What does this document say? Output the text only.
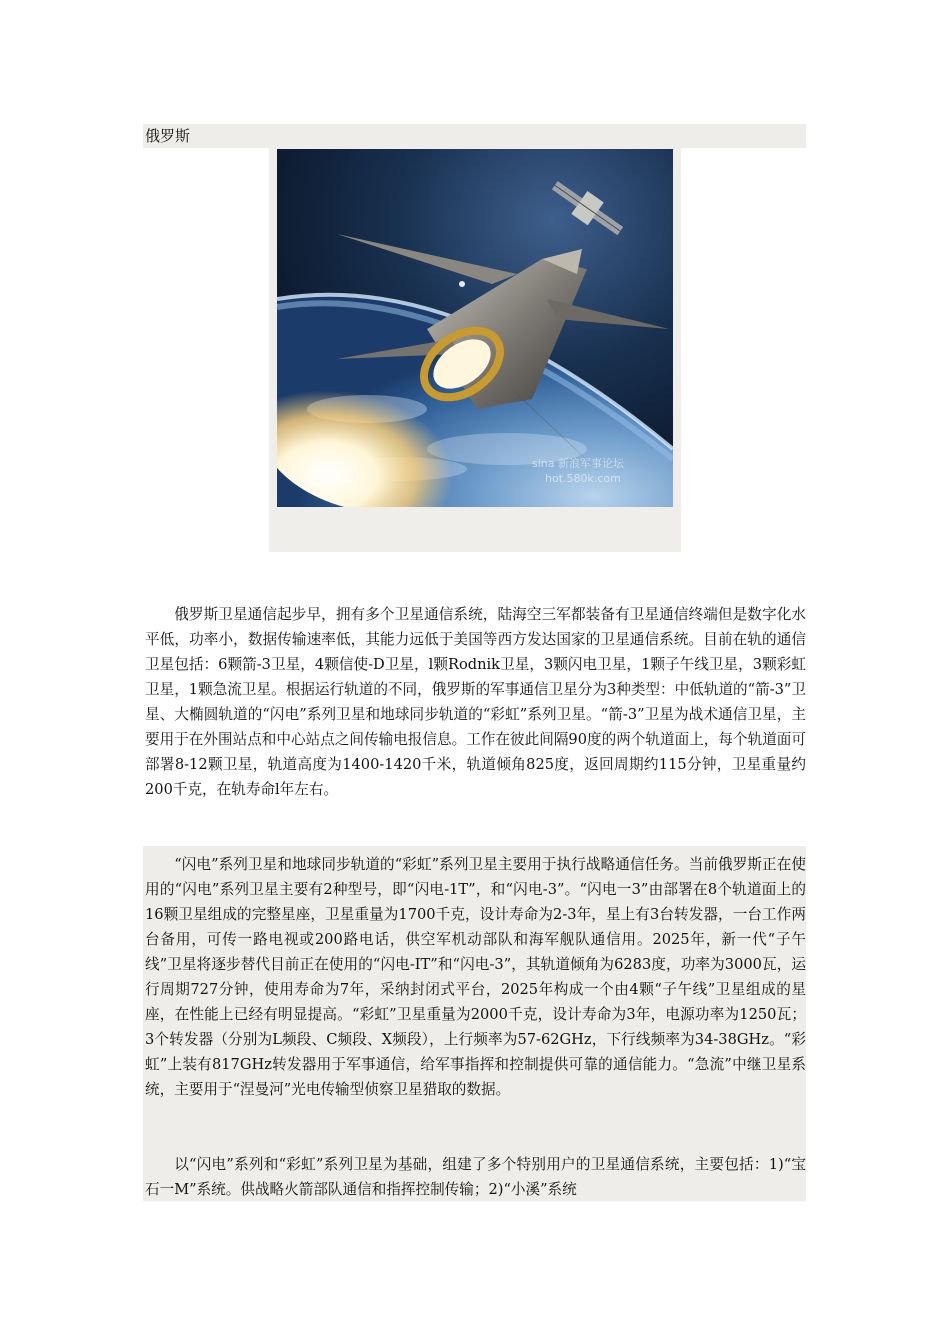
俄罗斯
sina 新浪军事论坛
hot.580k.com

俄罗斯卫星通信起步早，拥有多个卫星通信系统，陆海空三军都装备有卫星通信终端但是数字化水平低，功率小，数据传输速率低，其能力远低于美国等西方发达国家的卫星通信系统。目前在轨的通信卫星包括：6颗箭-3卫星，4颗信使-D卫星，l颗Rodnik卫星，3颗闪电卫星，1颗子午线卫星，3颗彩虹卫星，1颗急流卫星。根据运行轨道的不同，俄罗斯的军事通信卫星分为3种类型：中低轨道的“箭-3”卫星、大椭圆轨道的“闪电”系列卫星和地球同步轨道的“彩虹”系列卫星。“箭-3”卫星为战术通信卫星，主要用于在外围站点和中心站点之间传输电报信息。工作在彼此间隔90度的两个轨道面上，每个轨道面可部署8-12颗卫星，轨道高度为1400-1420千米，轨道倾角825度，返回周期约115分钟，卫星重量约200千克，在轨寿命l年左右。

“闪电”系列卫星和地球同步轨道的“彩虹”系列卫星主要用于执行战略通信任务。当前俄罗斯正在使用的“闪电”系列卫星主要有2种型号，即“闪电-1T”，和“闪电-3”。“闪电一3”由部署在8个轨道面上的16颗卫星组成的完整星座，卫星重量为1700千克，设计寿命为2-3年，星上有3台转发器，一台工作两台备用，可传一路电视或200路电话，供空军机动部队和海军舰队通信用。2025年，新一代“子午线”卫星将逐步替代目前正在使用的“闪电-IT”和“闪电-3”，其轨道倾角为6283度，功率为3000瓦，运行周期727分钟，使用寿命为7年，采纳封闭式平台，2025年构成一个由4颗“子午线”卫星组成的星座，在性能上已经有明显提高。“彩虹”卫星重量为2000千克，设计寿命为3年，电源功率为1250瓦；3个转发器（分别为L频段、C频段、X频段），上行频率为57-62GHz，下行线频率为34-38GHz。“彩虹”上装有817GHz转发器用于军事通信，给军事指挥和控制提供可靠的通信能力。“急流”中继卫星系统，主要用于“涅曼河”光电传输型侦察卫星猎取的数据。

以“闪电”系列和“彩虹”系列卫星为基础，组建了多个特别用户的卫星通信系统，主要包括：1)“宝石一M”系统。供战略火箭部队通信和指挥控制传输；2)“小溪”系统
